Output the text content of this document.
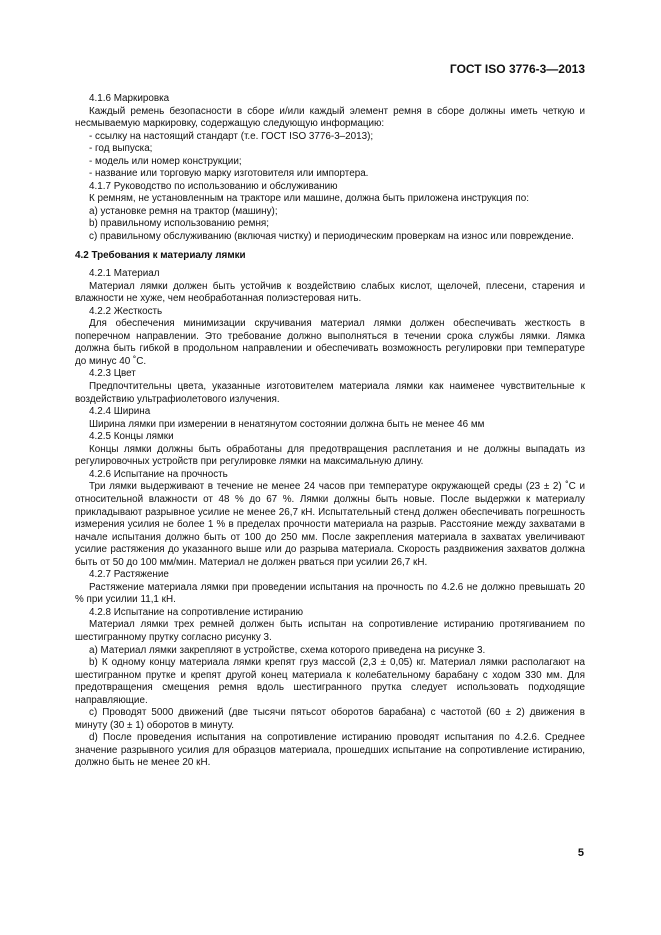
ГОСТ ISO 3776-3—2013

4.1.6 Маркировка

Каждый ремень безопасности в сборе и/или каждый элемент ремня в сборе должны иметь четкую и несмываемую маркировку, содержащую следующую информацию:

- ссылку на настоящий стандарт (т.е. ГОСТ ISO 3776-3–2013);

- год выпуска;

- модель или номер конструкции;

- название или торговую марку изготовителя или импортера.

4.1.7 Руководство по использованию и обслуживанию

К ремням, не установленным на тракторе или машине, должна быть приложена инструкция по:

а) установке ремня на трактор (машину);

b) правильному использованию ремня;

с) правильному обслуживанию (включая чистку) и периодическим проверкам на износ или повреждение.

4.2 Требования к материалу лямки

4.2.1 Материал

Материал лямки должен быть устойчив к воздействию слабых кислот, щелочей, плесени, старения и влажности не хуже, чем необработанная полиэстеровая нить.

4.2.2 Жесткость

Для обеспечения минимизации скручивания материал лямки должен обеспечивать жесткость в поперечном направлении. Это требование должно выполняться в течении срока службы лямки. Лямка должна быть гибкой в продольном направлении и обеспечивать возможность регулировки при температуре до минус 40 ˚С.

4.2.3 Цвет

Предпочтительны цвета, указанные изготовителем материала лямки как наименее чувствительные к воздействию ультрафиолетового излучения.

4.2.4 Ширина

Ширина лямки при измерении в ненатянутом состоянии должна быть не менее 46 мм

4.2.5 Концы лямки

Концы лямки должны быть обработаны для предотвращения расплетания и не должны выпадать из регулировочных устройств при регулировке лямки на максимальную длину.

4.2.6 Испытание на прочность

Три лямки выдерживают в течение не менее 24 часов при температуре окружающей среды (23 ± 2) ˚С и относительной влажности от 48 % до 67 %. Лямки должны быть новые. После выдержки к материалу прикладывают разрывное усилие не менее 26,7 кН. Испытательный стенд должен обеспечивать погрешность измерения усилия не более 1 % в пределах прочности материала на разрыв. Расстояние между захватами в начале испытания должно быть от 100 до 250 мм. После закрепления материала в захватах увеличивают усилие растяжения до указанного выше или до разрыва материала. Скорость раздвижения захватов должна быть от 50 до 100 мм/мин. Материал не должен рваться при усилии 26,7 кН.

4.2.7 Растяжение

Растяжение материала лямки при проведении испытания на прочность по 4.2.6 не должно превышать 20 % при усилии 11,1 кН.

4.2.8 Испытание на сопротивление истиранию

Материал лямки трех ремней должен быть испытан на сопротивление истиранию протягиванием по шестигранному прутку согласно рисунку 3.

а) Материал лямки закрепляют в устройстве, схема которого приведена на рисунке 3.

b) К одному концу материала лямки крепят груз массой (2,3 ± 0,05) кг. Материал лямки располагают на шестигранном прутке и крепят другой конец материала к колебательному барабану с ходом 330 мм. Для предотвращения смещения ремня вдоль шестигранного прутка следует использовать подходящие направляющие.

c) Проводят 5000 движений (две тысячи пятьсот оборотов барабана) с частотой (60 ± 2) движения в минуту (30 ± 1) оборотов в минуту.

d) После проведения испытания на сопротивление истиранию проводят испытания по 4.2.6. Среднее значение разрывного усилия для образцов материала, прошедших испытание на сопротивление истиранию, должно быть не менее 20 кН.

5
